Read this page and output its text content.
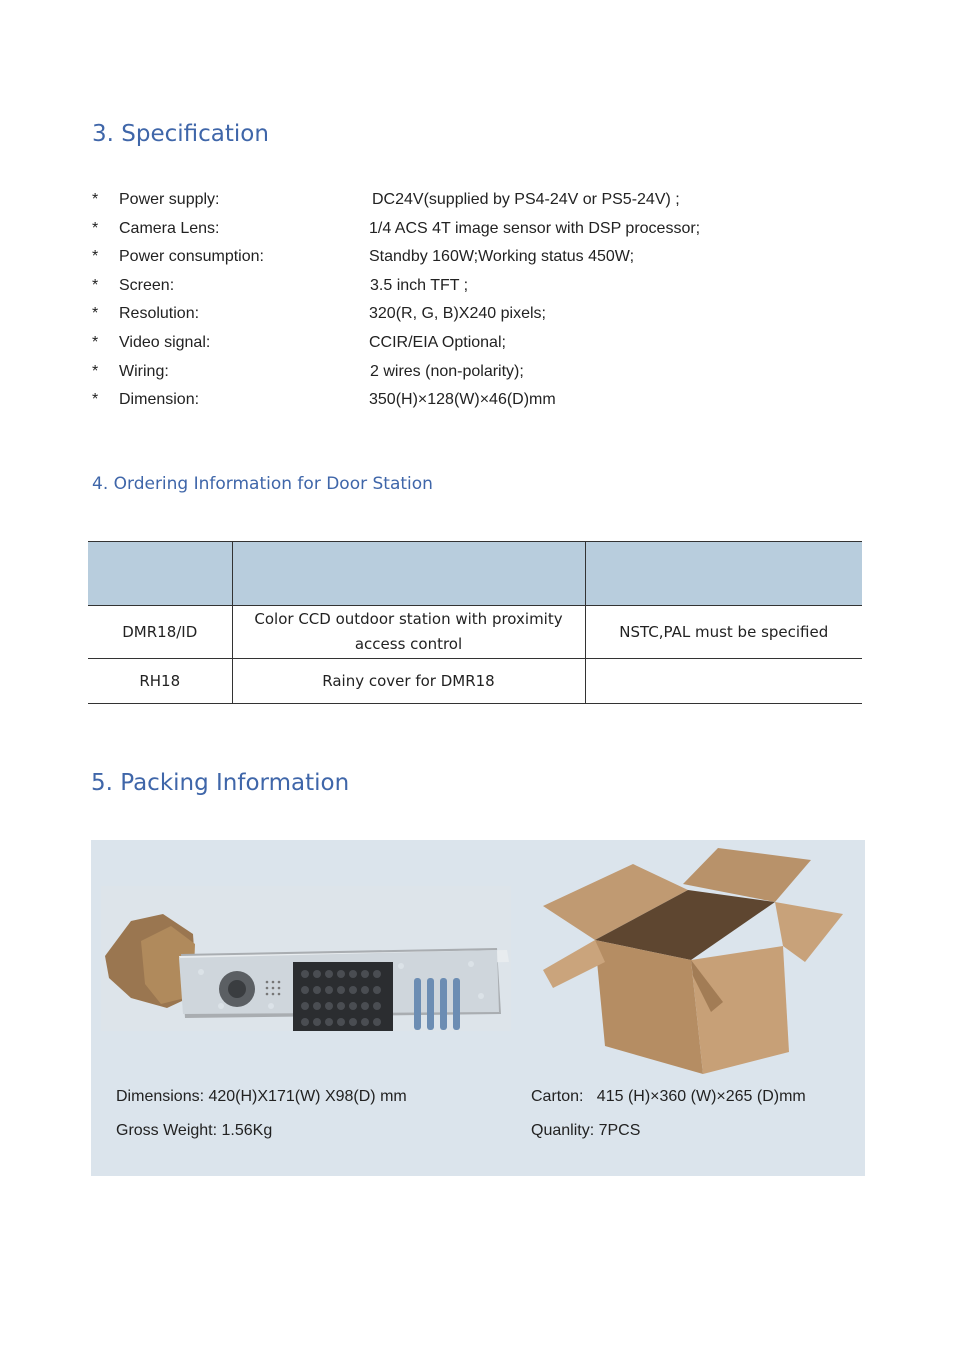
3. Specification
* Power supply:	DC24V(supplied by PS4-24V or PS5-24V) ;
* Camera Lens:	1/4 ACS 4T image sensor with DSP processor;
* Power consumption:	Standby 160W;Working status 450W;
* Screen:	3.5 inch TFT ;
* Resolution:	320(R, G, B)X240 pixels;
* Video signal:	CCIR/EIA Optional;
* Wiring:	2 wires (non-polarity);
* Dimension:	350(H)×128(W)×46(D)mm
4. Ordering Information for Door Station

DMR18/ID	Color CCD outdoor station with proximity access control	NSTC,PAL must be specified
RH18	Rainy cover for DMR18	
5. Packing Information
Dimensions: 420(H)X171(W) X98(D) mm
Gross Weight: 1.56Kg
Carton:   415 (H)×360 (W)×265 (D)mm
Quanlity: 7PCS
